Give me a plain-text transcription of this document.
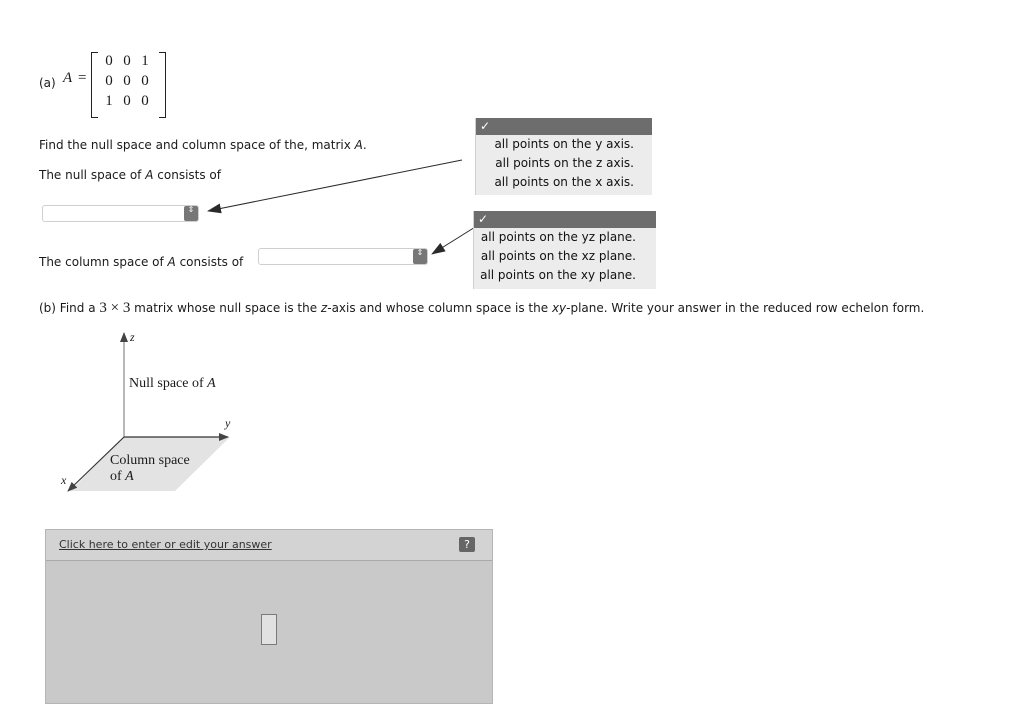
(a) A =
0 0 1
0 0 0
1 0 0
Find the null space and column space of the, matrix A.
The null space of A consists of
⇕
The column space of A consists of
⇕
✓
all points on the y axis.
all points on the z axis.
all points on the x axis.
✓
all points on the yz plane.
all points on the xz plane.
all points on the xy plane.
(b) Find a 3 × 3 matrix whose null space is the z-axis and whose column space is the xy-plane. Write your answer in the reduced row echelon form.
z
y
x
Null space of A
Column space
of A
Click here to enter or edit your answer	?
